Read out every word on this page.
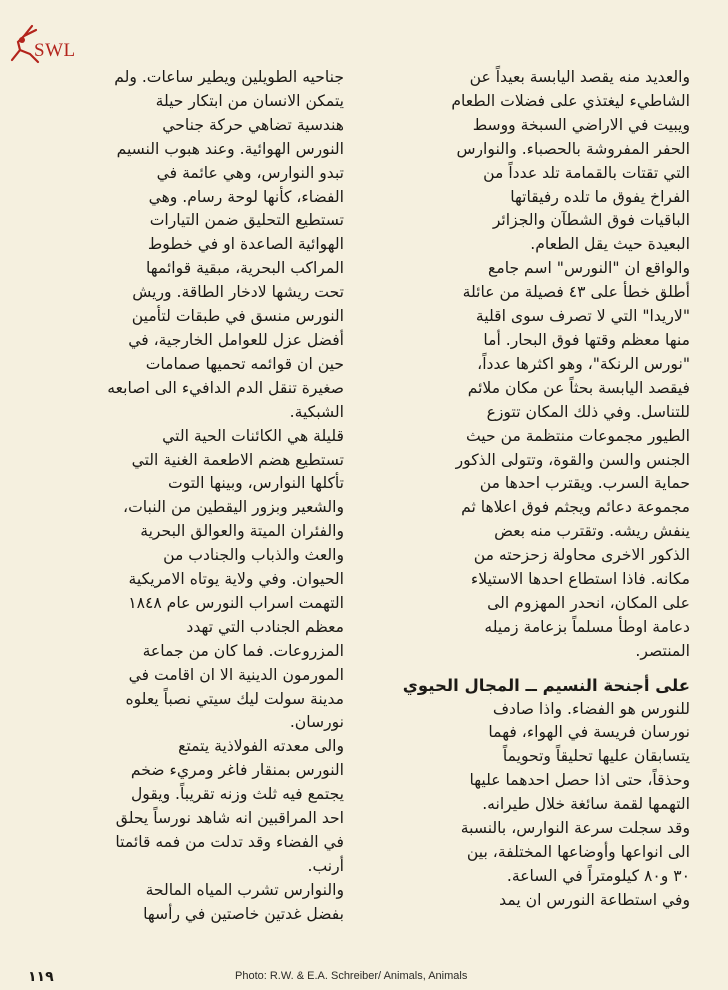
SWL

والعديد منه يقصد اليابسة بعيداً عن
الشاطيء ليغتذي على فضلات الطعام
ويبيت في الاراضي السبخة ووسط
الحفر المفروشة بالحصباء. والنوارس
التي تقتات بالقمامة تلد عدداً من
الفراخ يفوق ما تلده رفيقاتها
الباقيات فوق الشطآن والجزائر
البعيدة حيث يقل الطعام.

والواقع ان "النورس" اسم جامع
أطلق خطأ على ٤٣ فصيلة من عائلة
"لاريدا" التي لا تصرف سوى اقلية
منها معظم وقتها فوق البحار. أما
"نورس الرنكة"، وهو اكثرها عدداً،
فيقصد اليابسة بحثاً عن مكان ملائم
للتناسل. وفي ذلك المكان تتوزع
الطيور مجموعات منتظمة من حيث
الجنس والسن والقوة، وتتولى الذكور
حماية السرب. ويقترب احدها من
مجموعة دعائم ويجثم فوق اعلاها ثم
ينفش ريشه. وتقترب منه بعض
الذكور الاخرى محاولة زحزحته من
مكانه. فاذا استطاع احدها الاستيلاء
على المكان، انحدر المهزوم الى
دعامة اوطأ مسلماً بزعامة زميله
المنتصر.

على أجنحة النسيم ــ المجال الحيوي

للنورس هو الفضاء. واذا صادف
نورسان فريسة في الهواء، فهما
يتسابقان عليها تحليقاً وتحويماً
وحذقاً، حتى اذا حصل احدهما عليها
التهمها لقمة سائغة خلال طيرانه.
وقد سجلت سرعة النوارس، بالنسبة
الى انواعها وأوضاعها المختلفة، بين
٣٠ و٨٠ كيلومتراً في الساعة.
وفي استطاعة النورس ان يمد

جناحيه الطويلين ويطير ساعات. ولم
يتمكن الانسان من ابتكار حيلة
هندسية تضاهي حركة جناحي
النورس الهوائية. وعند هبوب النسيم
تبدو النوارس، وهي عائمة في
الفضاء، كأنها لوحة رسام. وهي
تستطيع التحليق ضمن التيارات
الهوائية الصاعدة او في خطوط
المراكب البحرية، مبقية قوائمها
تحت ريشها لادخار الطاقة. وريش
النورس منسق في طبقات لتأمين
أفضل عزل للعوامل الخارجية، في
حين ان قوائمه تحميها صمامات
صغيرة تنقل الدم الدافيء الى اصابعه
الشبكية.

قليلة هي الكائنات الحية التي
تستطيع هضم الاطعمة الغنية التي
تأكلها النوارس، وبينها التوت
والشعير وبزور اليقطين من النبات،
والفئران الميتة والعوالق البحرية
والعث والذباب والجنادب من
الحيوان. وفي ولاية يوتاه الامريكية
التهمت اسراب النورس عام ١٨٤٨
معظم الجنادب التي تهدد
المزروعات. فما كان من جماعة
المورمون الدينية الا ان اقامت في
مدينة سولت ليك سيتي نصباً يعلوه
نورسان.

والى معدته الفولاذية يتمتع
النورس بمنقار فاغر ومريء ضخم
يجتمع فيه ثلث وزنه تقريباً. ويقول
احد المراقبين انه شاهد نورساً يحلق
في الفضاء وقد تدلت من فمه قائمتا
أرنب.

والنوارس تشرب المياه المالحة
بفضل غدتين خاصتين في رأسها

١١٩	Photo: R.W. & E.A. Schreiber/ Animals, Animals
